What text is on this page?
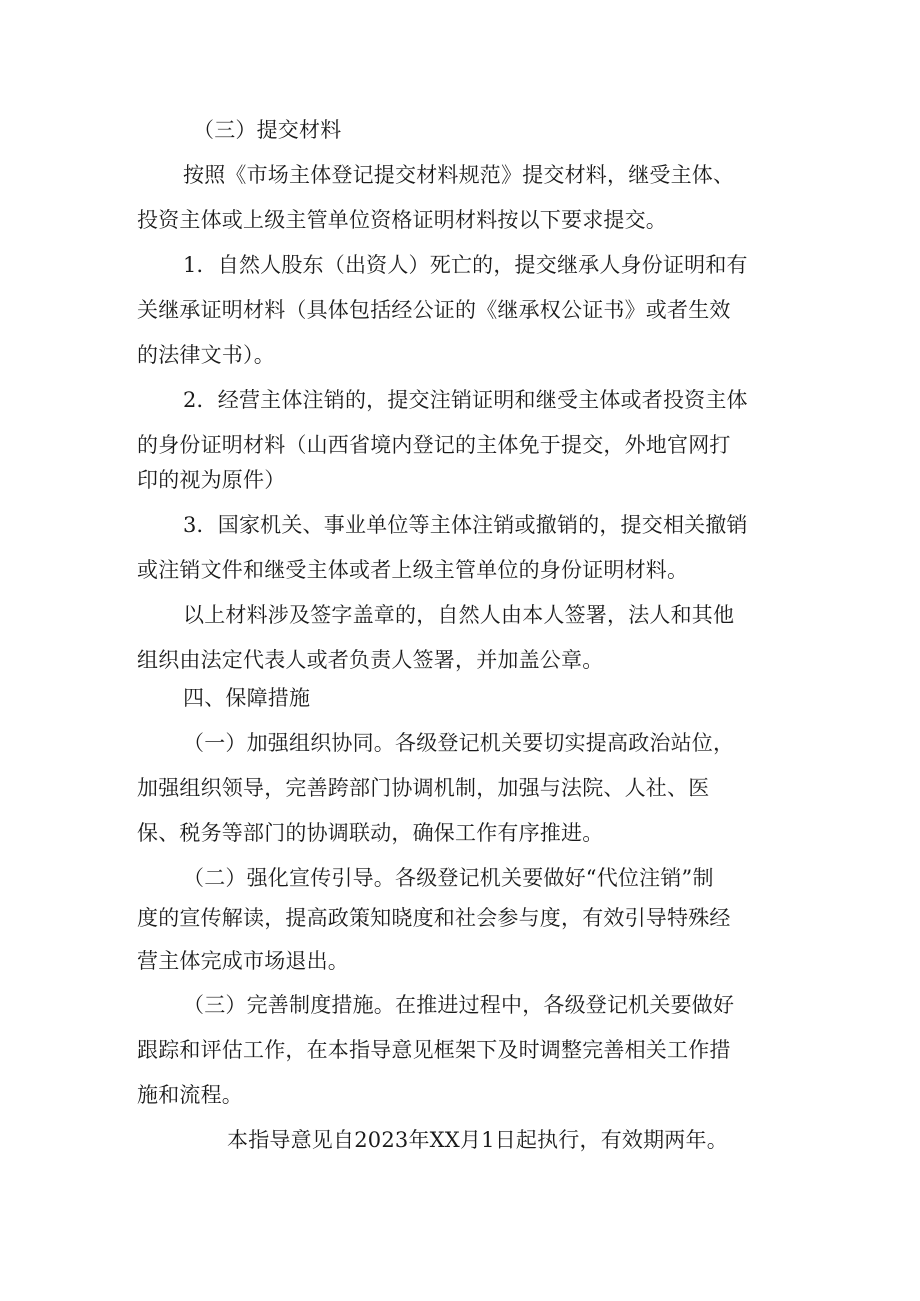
（三）提交材料
按照《市场主体登记提交材料规范》提交材料，继受主体、
投资主体或上级主管单位资格证明材料按以下要求提交。
1．自然人股东（出资人）死亡的，提交继承人身份证明和有
关继承证明材料（具体包括经公证的《继承权公证书》或者生效
的法律文书）。
2．经营主体注销的，提交注销证明和继受主体或者投资主体
的身份证明材料（山西省境内登记的主体免于提交，外地官网打
印的视为原件）
3．国家机关、事业单位等主体注销或撤销的，提交相关撤销
或注销文件和继受主体或者上级主管单位的身份证明材料。
以上材料涉及签字盖章的，自然人由本人签署，法人和其他
组织由法定代表人或者负责人签署，并加盖公章。
四、保障措施
（一）加强组织协同。各级登记机关要切实提高政治站位，
加强组织领导，完善跨部门协调机制，加强与法院、人社、医
保、税务等部门的协调联动，确保工作有序推进。
（二）强化宣传引导。各级登记机关要做好“代位注销”制
度的宣传解读，提高政策知晓度和社会参与度，有效引导特殊经
营主体完成市场退出。
（三）完善制度措施。在推进过程中，各级登记机关要做好
跟踪和评估工作，在本指导意见框架下及时调整完善相关工作措
施和流程。
本指导意见自2023年XX月1日起执行，有效期两年。
